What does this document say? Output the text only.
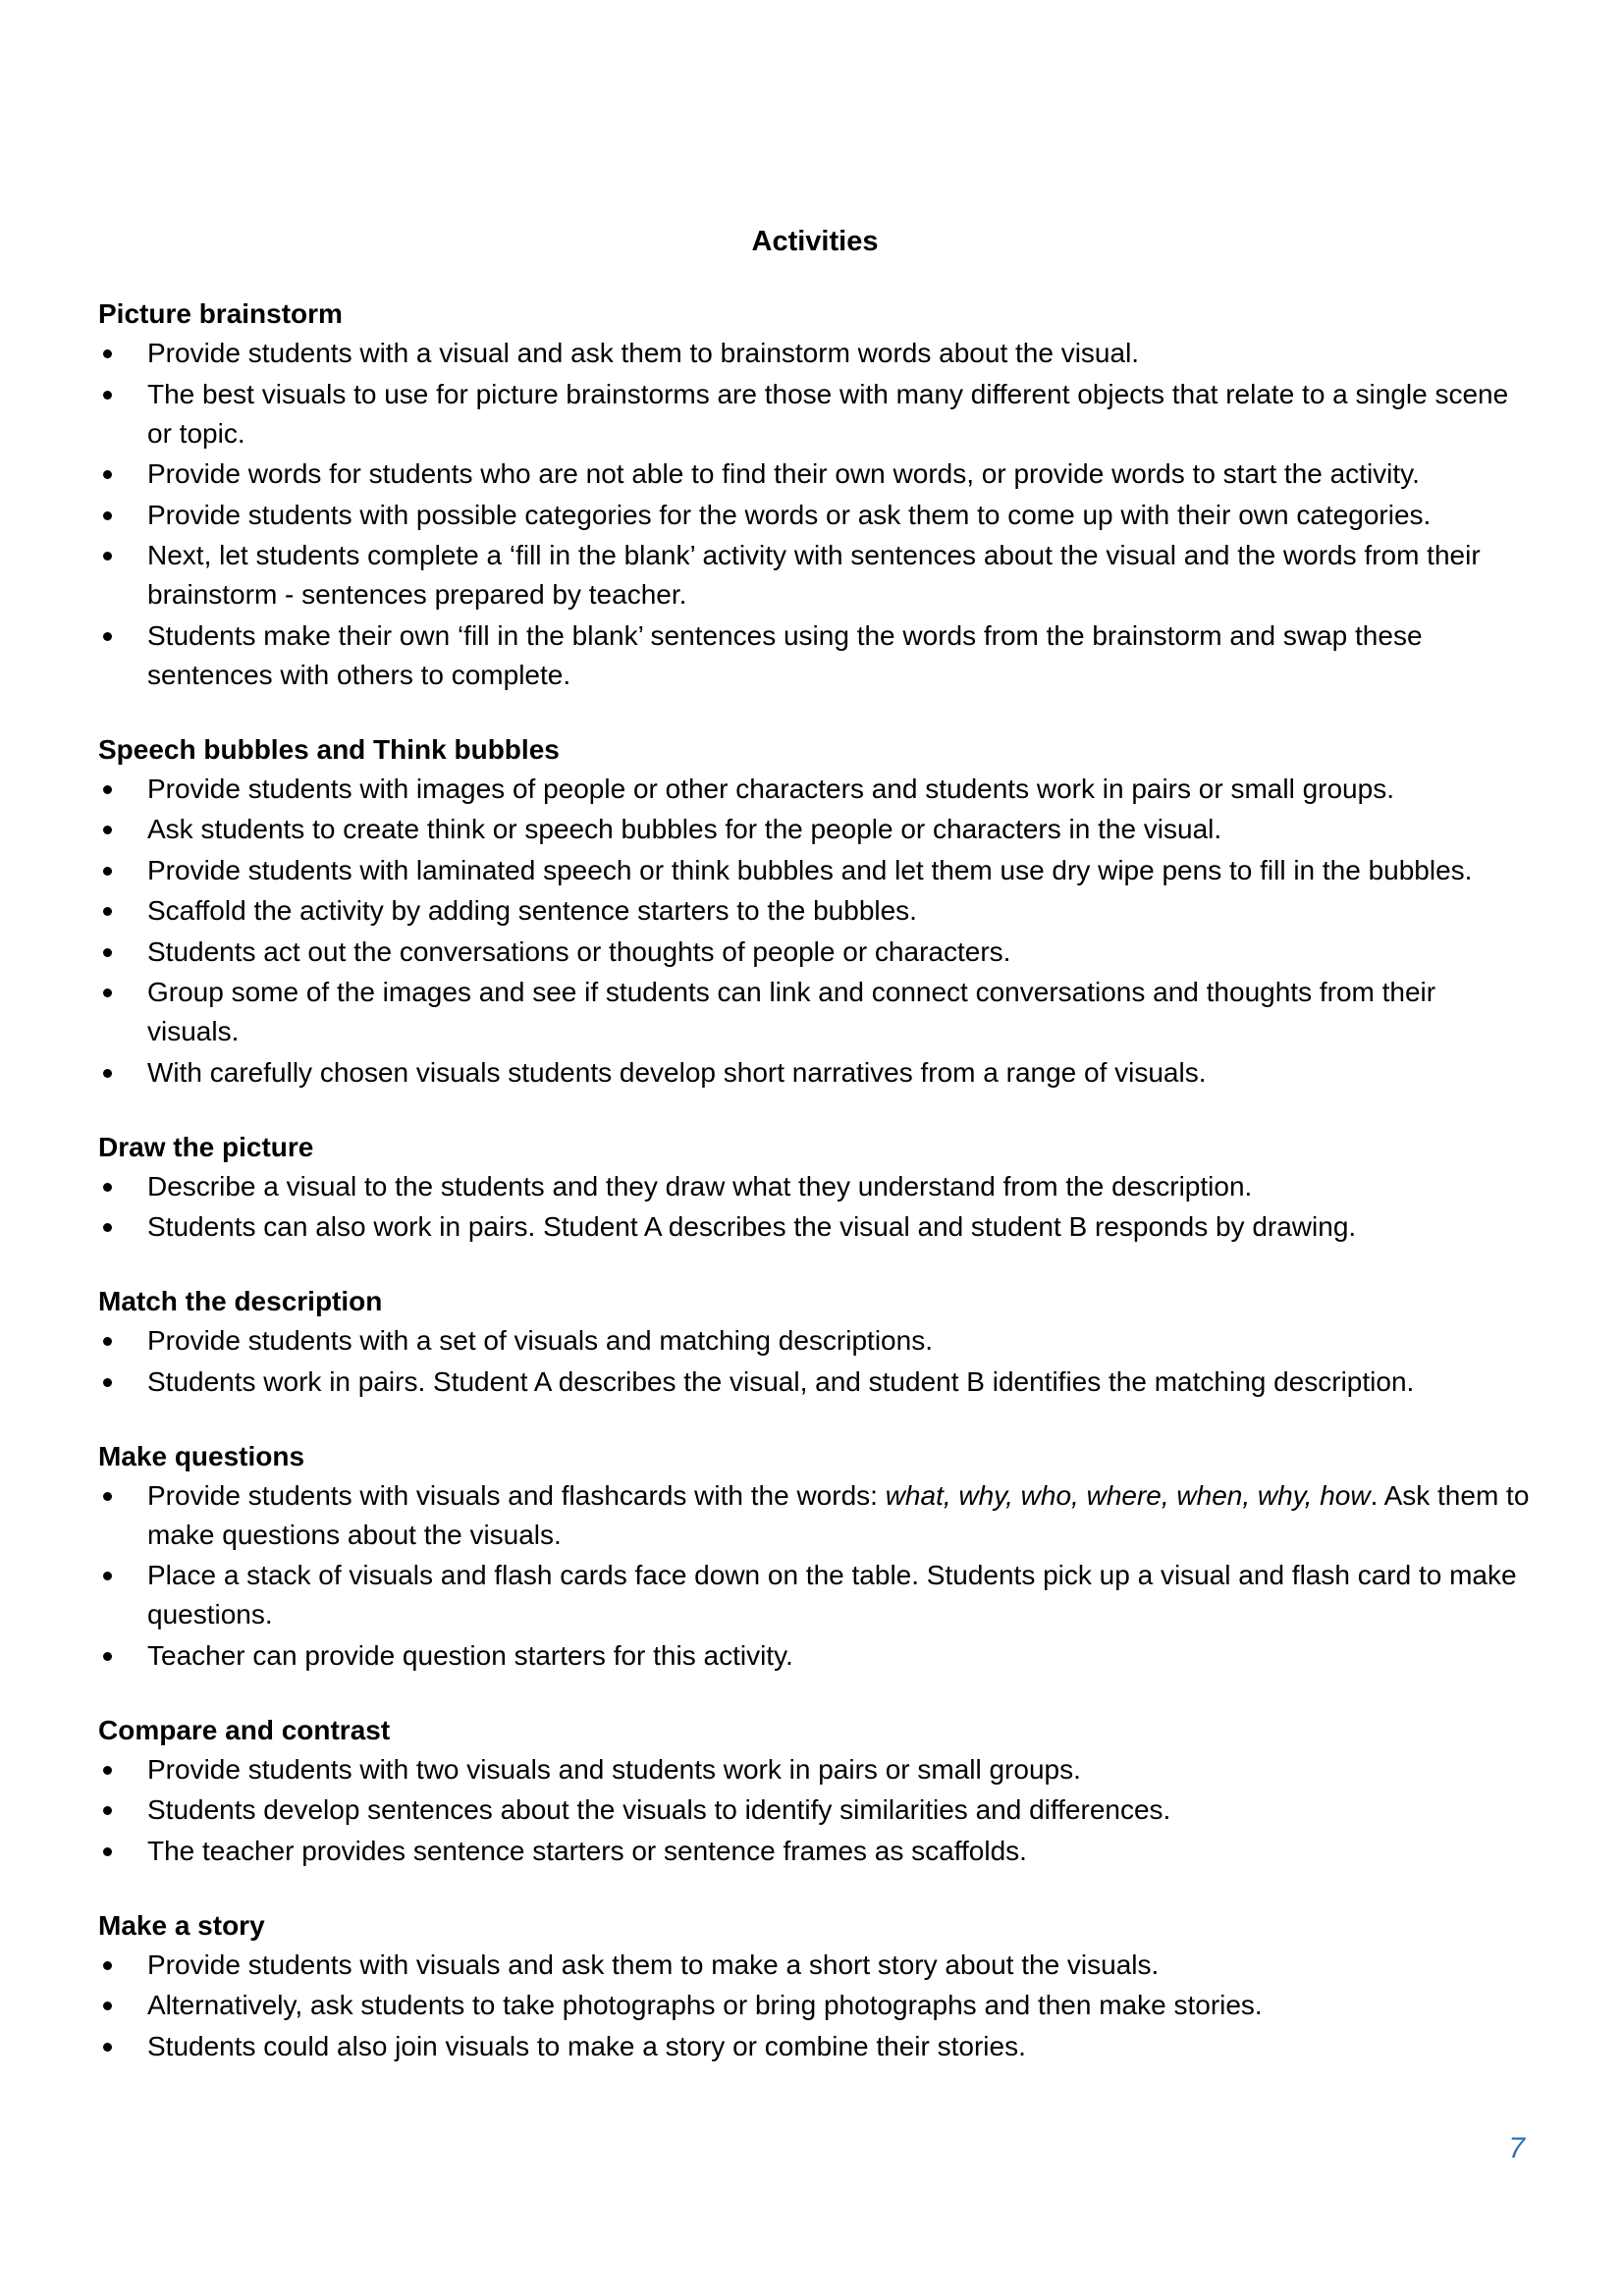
Activities
Picture brainstorm
Provide students with a visual and ask them to brainstorm words about the visual.
The best visuals to use for picture brainstorms are those with many different objects that relate to a single scene or topic.
Provide words for students who are not able to find their own words, or provide words to start the activity.
Provide students with possible categories for the words or ask them to come up with their own categories.
Next, let students complete a ‘fill in the blank’ activity with sentences about the visual and the words from their brainstorm - sentences prepared by teacher.
Students make their own ‘fill in the blank’ sentences using the words from the brainstorm and swap these sentences with others to complete.
Speech bubbles and Think bubbles
Provide students with images of people or other characters and students work in pairs or small groups.
Ask students to create think or speech bubbles for the people or characters in the visual.
Provide students with laminated speech or think bubbles and let them use dry wipe pens to fill in the bubbles.
Scaffold the activity by adding sentence starters to the bubbles.
Students act out the conversations or thoughts of people or characters.
Group some of the images and see if students can link and connect conversations and thoughts from their visuals.
With carefully chosen visuals students develop short narratives from a range of visuals.
Draw the picture
Describe a visual to the students and they draw what they understand from the description.
Students can also work in pairs. Student A describes the visual and student B responds by drawing.
Match the description
Provide students with a set of visuals and matching descriptions.
Students work in pairs. Student A describes the visual, and student B identifies the matching description.
Make questions
Provide students with visuals and flashcards with the words: what, why, who, where, when, why, how. Ask them to make questions about the visuals.
Place a stack of visuals and flash cards face down on the table. Students pick up a visual and flash card to make questions.
Teacher can provide question starters for this activity.
Compare and contrast
Provide students with two visuals and students work in pairs or small groups.
Students develop sentences about the visuals to identify similarities and differences.
The teacher provides sentence starters or sentence frames as scaffolds.
Make a story
Provide students with visuals and ask them to make a short story about the visuals.
Alternatively, ask students to take photographs or bring photographs and then make stories.
Students could also join visuals to make a story or combine their stories.
7
